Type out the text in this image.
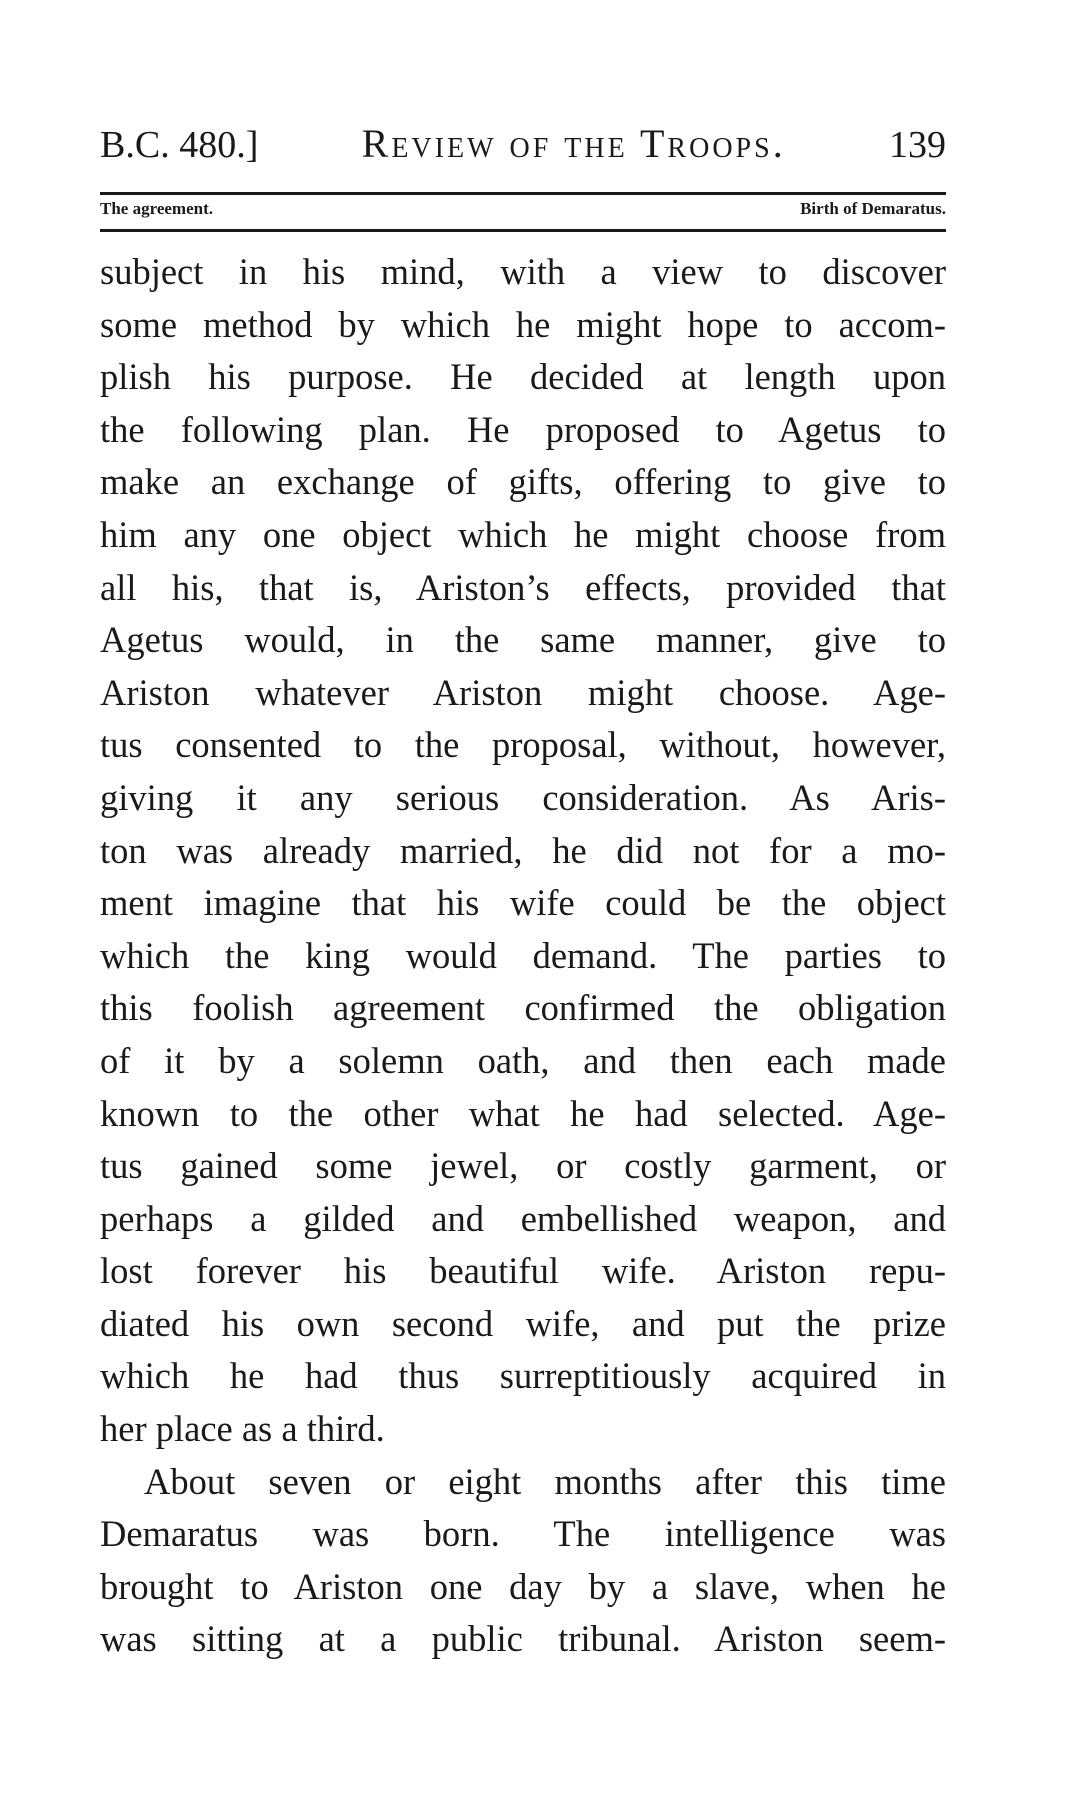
B.C. 480.]	Review of the Troops.	139
The agreement.	Birth of Demaratus.
subject in his mind, with a view to discover
some method by which he might hope to accom-
plish his purpose. He decided at length upon
the following plan. He proposed to Agetus to
make an exchange of gifts, offering to give to
him any one object which he might choose from
all his, that is, Ariston’s effects, provided that
Agetus would, in the same manner, give to
Ariston whatever Ariston might choose. Age-
tus consented to the proposal, without, however,
giving it any serious consideration. As Aris-
ton was already married, he did not for a mo-
ment imagine that his wife could be the object
which the king would demand. The parties to
this foolish agreement confirmed the obligation
of it by a solemn oath, and then each made
known to the other what he had selected. Age-
tus gained some jewel, or costly garment, or
perhaps a gilded and embellished weapon, and
lost forever his beautiful wife. Ariston repu-
diated his own second wife, and put the prize
which he had thus surreptitiously acquired in
her place as a third.
About seven or eight months after this time
Demaratus was born. The intelligence was
brought to Ariston one day by a slave, when he
was sitting at a public tribunal. Ariston seem-
